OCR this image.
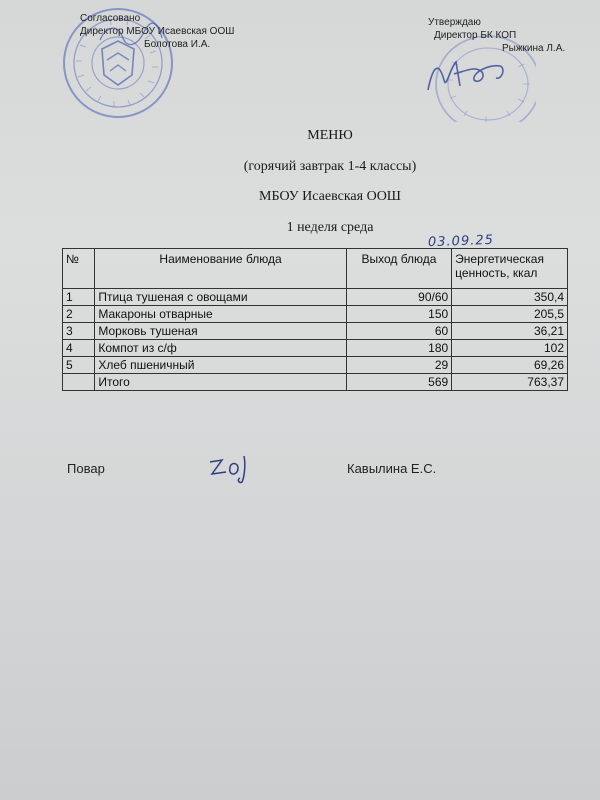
Согласовано
Директор МБОУ Исаевская ООШ
Болотова И.А.
Утверждаю
Директор БК КОП
Рыжкина Л.А.
МЕНЮ
(горячий завтрак 1-4 классы)
МБОУ Исаевская ООШ
1 неделя среда
03.09.25
№	Наименование блюда	Выход блюда	Энергетическая ценность, ккал
1	Птица тушеная с овощами	90/60	350,4
2	Макароны отварные	150	205,5
3	Морковь тушеная	60	36,21
4	Компот из с/ф	180	102
5	Хлеб пшеничный	29	69,26
	Итого	569	763,37
Повар	Кавылина Е.С.
